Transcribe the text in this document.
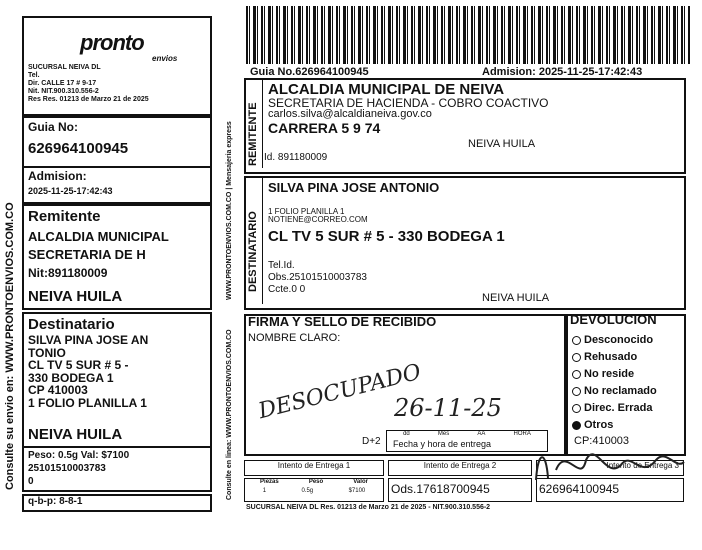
Consulte su envio en: WWW.PRONTOENVIOS.COM.CO
pronto
envios
SUCURSAL NEIVA DL
Tel.
Dir. CALLE 17 # 9-17
Nit. NIT.900.310.556-2
Res Res. 01213 de Marzo 21 de 2025
Guia No:
626964100945
Admision:
2025-11-25-17:42:43
Remitente
ALCALDIA MUNICIPAL
SECRETARIA DE H
Nit:891180009
NEIVA HUILA
Destinatario
SILVA PINA JOSE AN
TONIO
CL TV 5 SUR # 5 -
330 BODEGA 1
CP 410003
1 FOLIO PLANILLA 1
NEIVA HUILA
Peso: 0.5g Val: $7100
25101510003783
0
q-b-p: 8-8-1
WWW.PRONTOENVIOS.COM.CO | Mensajeria express
Consulte en linea: WWW.PRONTOENVIOS.COM.CO
Guia No.626964100945	Admision: 2025-11-25-17:42:43
REMITENTE
ALCALDIA MUNICIPAL DE NEIVA
SECRETARIA DE HACIENDA - COBRO COACTIVO
carlos.silva@alcaldianeiva.gov.co
CARRERA 5 9 74
NEIVA HUILA
Id. 891180009
DESTINATARIO
SILVA PINA JOSE ANTONIO
1 FOLIO PLANILLA 1
NOTIENE@CORREO.COM
CL TV 5 SUR # 5 - 330 BODEGA 1
Tel.Id.
Obs.25101510003783
Ccte.0 0
NEIVA HUILA
FIRMA Y SELLO DE RECIBIDO
NOMBRE CLARO:
DESOCUPADO
26-11-25
D+2
dd	Mes	AA	HORA
Fecha y hora de entrega
DEVOLUCION
Desconocido
Rehusado
No reside
No reclamado
Direc. Errada
Otros
CP:410003
Intento de Entrega 1	Intento de Entrega 2	Intento de Entrega 3
Piezas	Peso	Valor
1	0.5g	$7100 Ods.17618700945	626964100945
SUCURSAL NEIVA DL Res. 01213 de Marzo 21 de 2025 - NIT.900.310.556-2
